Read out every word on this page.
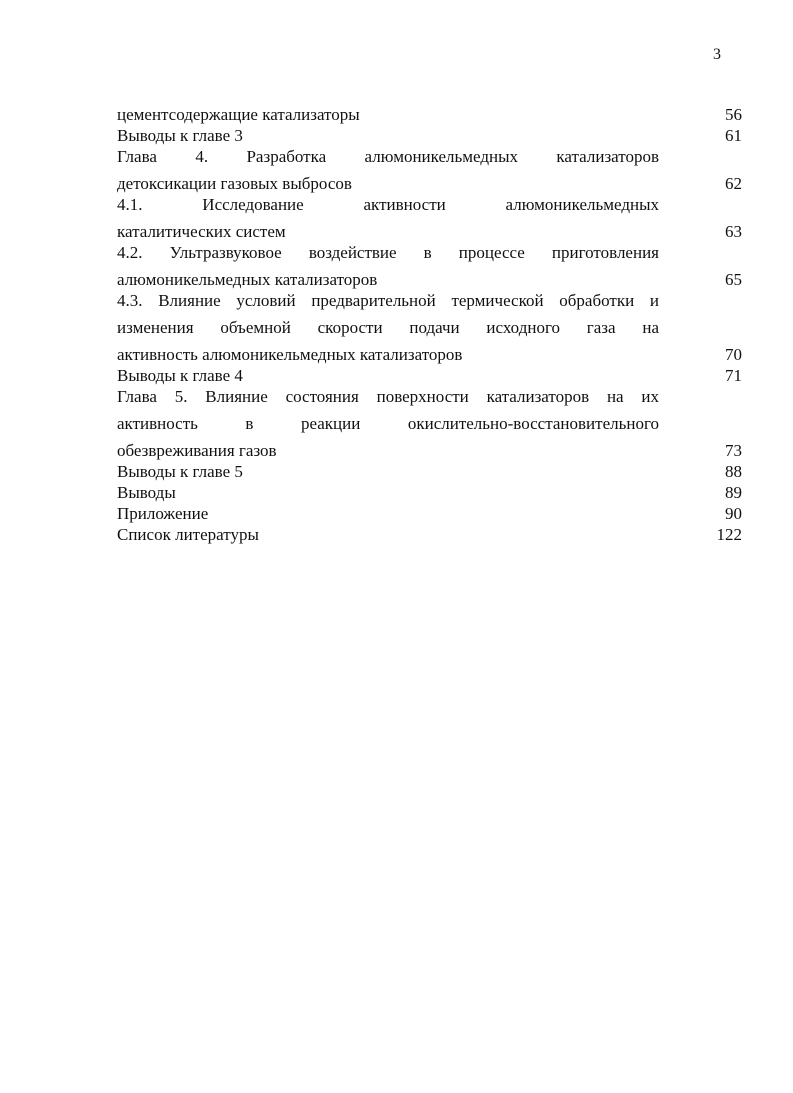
3
цементсодержащие катализаторы	56
Выводы к главе 3	61
Глава 4. Разработка алюмоникельмедных катализаторов
детоксикации газовых выбросов	62
4.1. Исследование активности алюмоникельмедных
каталитических систем	63
4.2. Ультразвуковое воздействие в процессе приготовления
алюмоникельмедных катализаторов	65
4.3. Влияние условий предварительной термической обработки и
изменения объемной скорости подачи исходного газа на
активность алюмоникельмедных катализаторов	70
Выводы к главе 4	71
Глава 5. Влияние состояния поверхности катализаторов на их
активность в реакции окислительно-восстановительного
обезвреживания газов	73
Выводы к главе 5	88
Выводы	89
Приложение	90
Список литературы	122
